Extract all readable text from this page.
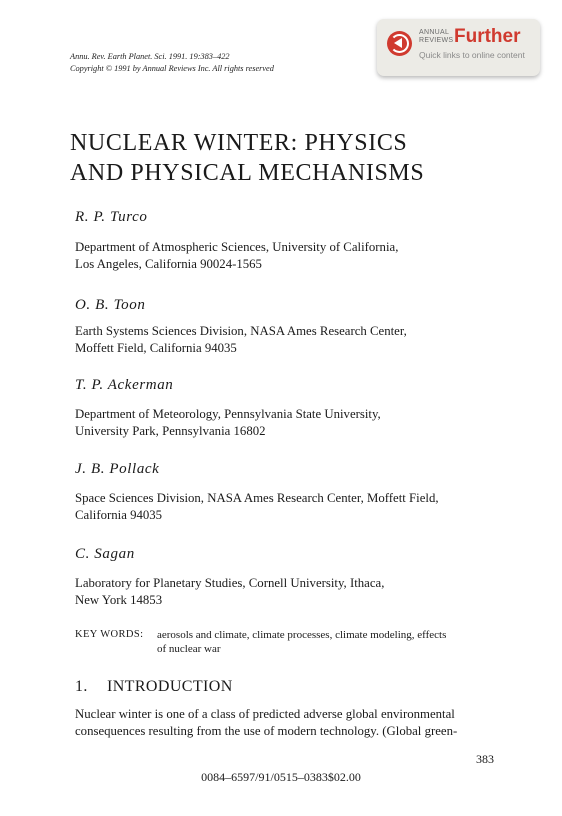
Annu. Rev. Earth Planet. Sci. 1991. 19:383–422
Copyright © 1991 by Annual Reviews Inc. All rights reserved
ANNUAL
REVIEWS Further
Quick links to online content
NUCLEAR WINTER: PHYSICS
AND PHYSICAL MECHANISMS
R. P. Turco
Department of Atmospheric Sciences, University of California,
Los Angeles, California 90024-1565
O. B. Toon
Earth Systems Sciences Division, NASA Ames Research Center,
Moffett Field, California 94035
T. P. Ackerman
Department of Meteorology, Pennsylvania State University,
University Park, Pennsylvania 16802
J. B. Pollack
Space Sciences Division, NASA Ames Research Center, Moffett Field,
California 94035
C. Sagan
Laboratory for Planetary Studies, Cornell University, Ithaca,
New York 14853
KEY WORDS: aerosols and climate, climate processes, climate modeling, effects
of nuclear war
1. INTRODUCTION
Nuclear winter is one of a class of predicted adverse global environmental
consequences resulting from the use of modern technology. (Global green-
383
0084–6597/91/0515–0383$02.00
